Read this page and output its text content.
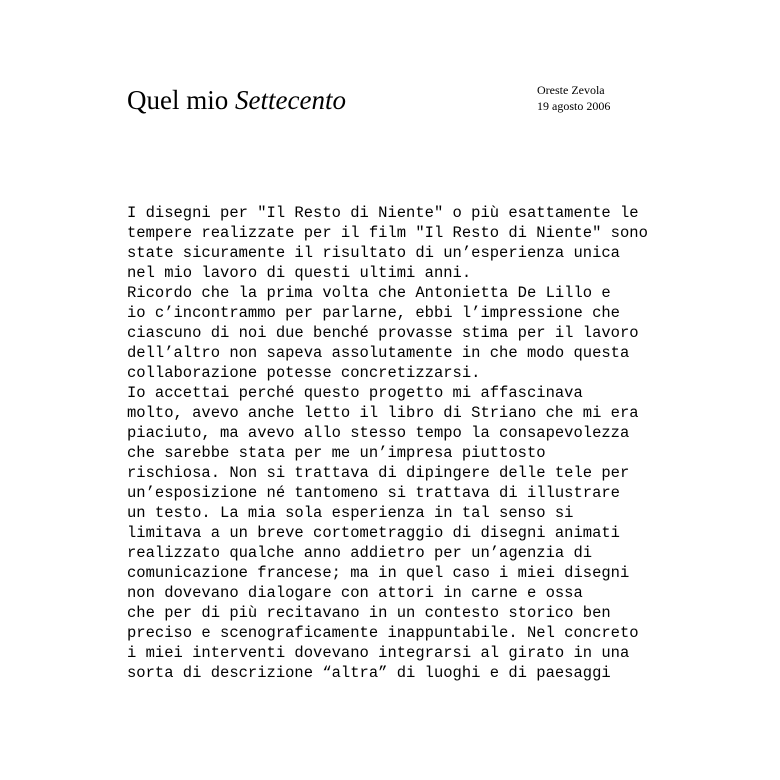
Quel mio Settecento	Oreste Zevola
19 agosto 2006
I disegni per "Il Resto di Niente" o più esattamente le
tempere realizzate per il film "Il Resto di Niente" sono
state sicuramente il risultato di un’esperienza unica
nel mio lavoro di questi ultimi anni.
Ricordo che la prima volta che Antonietta De Lillo e
io c’incontrammo per parlarne, ebbi l’impressione che
ciascuno di noi due benché provasse stima per il lavoro
dell’altro non sapeva assolutamente in che modo questa
collaborazione potesse concretizzarsi.
Io accettai perché questo progetto mi affascinava
molto, avevo anche letto il libro di Striano che mi era
piaciuto, ma avevo allo stesso tempo la consapevolezza
che sarebbe stata per me un’impresa piuttosto
rischiosa. Non si trattava di dipingere delle tele per
un’esposizione né tantomeno si trattava di illustrare
un testo. La mia sola esperienza in tal senso si
limitava a un breve cortometraggio di disegni animati
realizzato qualche anno addietro per un’agenzia di
comunicazione francese; ma in quel caso i miei disegni
non dovevano dialogare con attori in carne e ossa
che per di più recitavano in un contesto storico ben
preciso e scenograficamente inappuntabile. Nel concreto
i miei interventi dovevano integrarsi al girato in una
sorta di descrizione “altra” di luoghi e di paesaggi
